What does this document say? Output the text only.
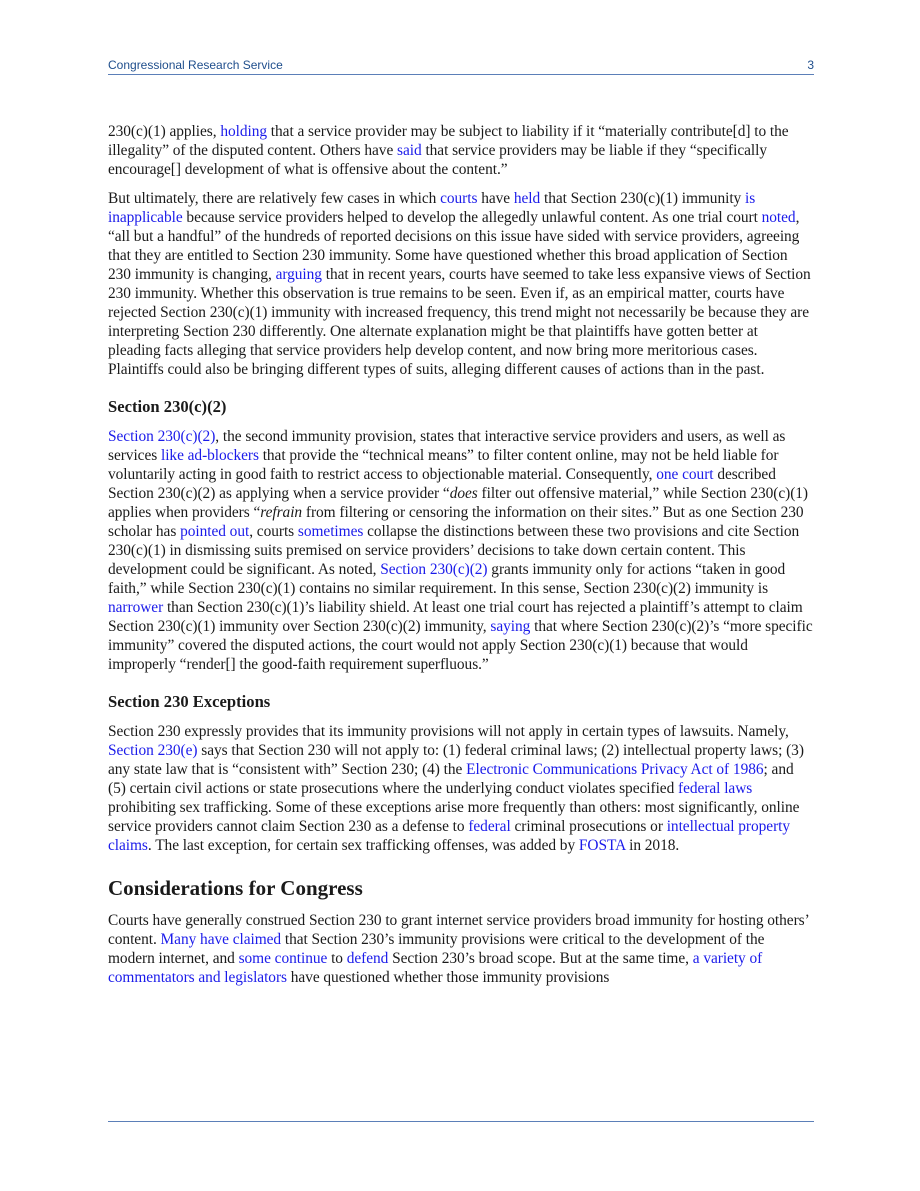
Congressional Research Service	3

230(c)(1) applies, holding that a service provider may be subject to liability if it “materially contribute[d] to the illegality” of the disputed content. Others have said that service providers may be liable if they “specifically encourage[] development of what is offensive about the content.”

But ultimately, there are relatively few cases in which courts have held that Section 230(c)(1) immunity is inapplicable because service providers helped to develop the allegedly unlawful content. As one trial court noted, “all but a handful” of the hundreds of reported decisions on this issue have sided with service providers, agreeing that they are entitled to Section 230 immunity. Some have questioned whether this broad application of Section 230 immunity is changing, arguing that in recent years, courts have seemed to take less expansive views of Section 230 immunity. Whether this observation is true remains to be seen. Even if, as an empirical matter, courts have rejected Section 230(c)(1) immunity with increased frequency, this trend might not necessarily be because they are interpreting Section 230 differently. One alternate explanation might be that plaintiffs have gotten better at pleading facts alleging that service providers help develop content, and now bring more meritorious cases. Plaintiffs could also be bringing different types of suits, alleging different causes of actions than in the past.

Section 230(c)(2)

Section 230(c)(2), the second immunity provision, states that interactive service providers and users, as well as services like ad-blockers that provide the “technical means” to filter content online, may not be held liable for voluntarily acting in good faith to restrict access to objectionable material. Consequently, one court described Section 230(c)(2) as applying when a service provider “does filter out offensive material,” while Section 230(c)(1) applies when providers “refrain from filtering or censoring the information on their sites.” But as one Section 230 scholar has pointed out, courts sometimes collapse the distinctions between these two provisions and cite Section 230(c)(1) in dismissing suits premised on service providers’ decisions to take down certain content. This development could be significant. As noted, Section 230(c)(2) grants immunity only for actions “taken in good faith,” while Section 230(c)(1) contains no similar requirement. In this sense, Section 230(c)(2) immunity is narrower than Section 230(c)(1)’s liability shield. At least one trial court has rejected a plaintiff’s attempt to claim Section 230(c)(1) immunity over Section 230(c)(2) immunity, saying that where Section 230(c)(2)’s “more specific immunity” covered the disputed actions, the court would not apply Section 230(c)(1) because that would improperly “render[] the good-faith requirement superfluous.”

Section 230 Exceptions

Section 230 expressly provides that its immunity provisions will not apply in certain types of lawsuits. Namely, Section 230(e) says that Section 230 will not apply to: (1) federal criminal laws; (2) intellectual property laws; (3) any state law that is “consistent with” Section 230; (4) the Electronic Communications Privacy Act of 1986; and (5) certain civil actions or state prosecutions where the underlying conduct violates specified federal laws prohibiting sex trafficking. Some of these exceptions arise more frequently than others: most significantly, online service providers cannot claim Section 230 as a defense to federal criminal prosecutions or intellectual property claims. The last exception, for certain sex trafficking offenses, was added by FOSTA in 2018.

Considerations for Congress

Courts have generally construed Section 230 to grant internet service providers broad immunity for hosting others’ content. Many have claimed that Section 230’s immunity provisions were critical to the development of the modern internet, and some continue to defend Section 230’s broad scope. But at the same time, a variety of commentators and legislators have questioned whether those immunity provisions
